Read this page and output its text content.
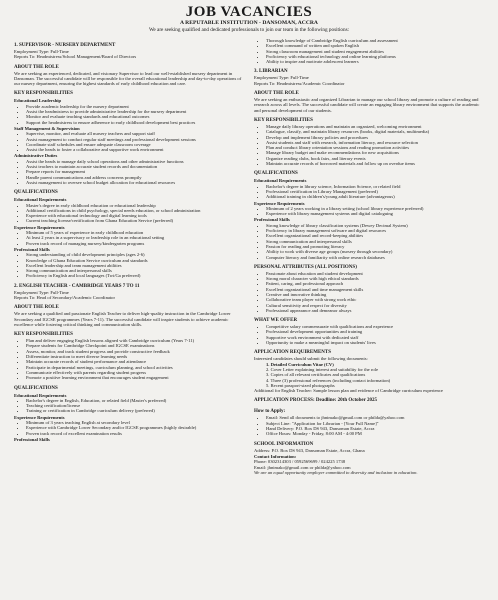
JOB VACANCIES
A REPUTABLE INSTITUTION - DANSOMAN, ACCRA
We are seeking qualified and dedicated professionals to join our team in the following positions:
1. SUPERVISOR - NURSERY DEPARTMENT
Employment Type: Full-Time
Reports To: Headmistress/School Management/Board of Directors
ABOUT THE ROLE

We are seeking an experienced, dedicated, and visionary Supervisor to lead our well-established nursery department in Dansoman. The successful candidate will be responsible for the overall educational leadership and day-to-day operations of our nursery department, ensuring the highest standards of early childhood education and care.

KEY RESPONSIBILITIES
Educational Leadership
• Provide academic leadership for the nursery department
• Assist the headmistress to provide administrative leadership for the nursery department
• Monitor and evaluate teaching standards and educational outcomes
• Support the headmistress to ensure adherence to early childhood development best practices
Staff Management & Supervision
• Supervise, monitor, and evaluate all nursery teachers and support staff
• Assist management to conduct regular staff meetings and professional development sessions
• Coordinate staff schedules and ensure adequate classroom coverage
• Assist the heads to foster a collaborative and supportive work environment
Administrative Duties
• Assist the heads to manage daily school operations and other administrative functions
• Assist teachers to maintain accurate student records and documentation
• Prepare reports for management
• Handle parent communications and address concerns promptly
• Assist management to oversee school budget allocation for educational resources
QUALIFICATIONS
Educational Requirements
• Master's degree in early childhood education or educational leadership
• Additional certifications in child psychology, special needs education, or school administration
• Experience with educational technology and digital learning tools
• Current teaching license/certification from Ghana Education Service (preferred)
Experience Requirements
• Minimum of 5 years of experience in early childhood education
• At least 2 years in a supervisory or leadership role in an educational setting
• Proven track record of managing nursery/kindergarten programs
Professional Skills
• Strong understanding of child development principles (ages 2-6)
• Knowledge of Ghana Education Service curriculum and standards
• Excellent leadership and team management abilities
• Strong communication and interpersonal skills
• Proficiency in English and local languages (Twi/Ga preferred)
2. ENGLISH TEACHER - CAMBRIDGE YEARS 7 TO 11
Employment Type: Full-Time
Reports To: Head of Secondary/Academic Coordinator
ABOUT THE ROLE

We are seeking a qualified and passionate English Teacher to deliver high-quality instruction in the Cambridge Lower Secondary and IGCSE programmes (Years 7-11). The successful candidate will inspire students to achieve academic excellence while fostering critical thinking and communication skills.

KEY RESPONSIBILITIES
• Plan and deliver engaging English lessons aligned with Cambridge curriculum (Years 7-11)
• Prepare students for Cambridge Checkpoint and IGCSE examinations
• Assess, monitor, and track student progress and provide constructive feedback
• Differentiate instruction to meet diverse learning needs
• Maintain accurate records of student performance and attendance
• Participate in departmental meetings, curriculum planning, and school activities
• Communicate effectively with parents regarding student progress
• Promote a positive learning environment that encourages student engagement
QUALIFICATIONS
Educational Requirements
• Bachelor's degree in English, Education, or related field (Master's preferred)
• Teaching certification/license
• Training or certification in Cambridge curriculum delivery (preferred)
Experience Requirements
• Minimum of 3 years teaching English at secondary level
• Experience with Cambridge Lower Secondary and/or IGCSE programmes (highly desirable)
• Proven track record of excellent examination results
Professional Skills
• Thorough knowledge of Cambridge English curriculum and assessment
• Excellent command of written and spoken English
• Strong classroom management and student engagement abilities
• Proficiency with educational technology and online learning platforms
• Ability to inspire and motivate adolescent learners
3. LIBRARIAN
Employment Type: Full-Time
Reports To: Headmistress/Academic Coordinator
ABOUT THE ROLE

We are seeking an enthusiastic and organized Librarian to manage our school library and promote a culture of reading and research across all levels. The successful candidate will create an engaging library environment that supports the academic and personal development of our students.

KEY RESPONSIBILITIES
• Manage daily library operations and maintain an organized, welcoming environment
• Catalogue, classify, and maintain library resources (books, digital materials, multimedia)
• Develop and implement library policies and procedures
• Assist students and staff with research, information literacy, and resource selection
• Plan and conduct library orientation sessions and reading promotion activities
• Manage library budget and make recommendations for new acquisitions
• Organize reading clubs, book fairs, and literary events
• Maintain accurate records of borrowed materials and follow up on overdue items
QUALIFICATIONS
Educational Requirements
• Bachelor's degree in library science, Information Science, or related field
• Professional certification in Library Management (preferred)
• Additional training in children's/young adult literature (advantageous)
Experience Requirements
• Minimum of 2 years working in a library setting (school library experience preferred)
• Experience with library management systems and digital cataloguing
Professional Skills
• Strong knowledge of library classification systems (Dewey Decimal System)
• Proficiency in library management software and digital resources
• Excellent organizational and record-keeping abilities
• Strong communication and interpersonal skills
• Passion for reading and promoting literacy
• Ability to work with diverse age groups (nursery through secondary)
• Computer literacy and familiarity with online research databases
PERSONAL ATTRIBUTES (ALL POSITIONS)
• Passionate about education and student development
• Strong moral character with high ethical standards
• Patient, caring, and professional approach
• Excellent organizational and time management skills
• Creative and innovative thinking
• Collaborative team player with strong work ethic
• Cultural sensitivity and respect for diversity
• Professional appearance and demeanor always
WHAT WE OFFER
• Competitive salary commensurate with qualifications and experience
• Professional development opportunities and training
• Supportive work environment with dedicated staff
• Opportunity to make a meaningful impact on students' lives
APPLICATION REQUIREMENTS
Interested candidates should submit the following documents:
1. Detailed Curriculum Vitae (CV)
2. Cover Letter explaining interest and suitability for the role
3. Copies of all relevant certificates and qualifications
4. Three (3) professional references (including contact information)
5. Recent passport-sized photographs
Additional for English Teacher: Sample lesson plan and evidence of Cambridge curriculum experience
APPLICATION PROCESS: Deadline: 20th October 2025
How to Apply:
• Email: Send all documents to jhnimako@gmail.com or philda@yahoo.com
• Subject Line: "Application for Librarian - [Your Full Name]"
• Hand Delivery: P.O. Box DS 943, Dansoman Estate, Accra
• Office Hours: Monday - Friday, 8:00 AM - 4:00 PM
SCHOOL INFORMATION
Address: P.O. Box DS 943, Dansoman Estate, Accra, Ghana
Contact Information:
Phone: 0302314303 / 0592569699 / 024225 1738
Email: jhnimako@gmail.com or philda@yahoo.com
We are an equal opportunity employer committed to diversity and inclusion in education.
